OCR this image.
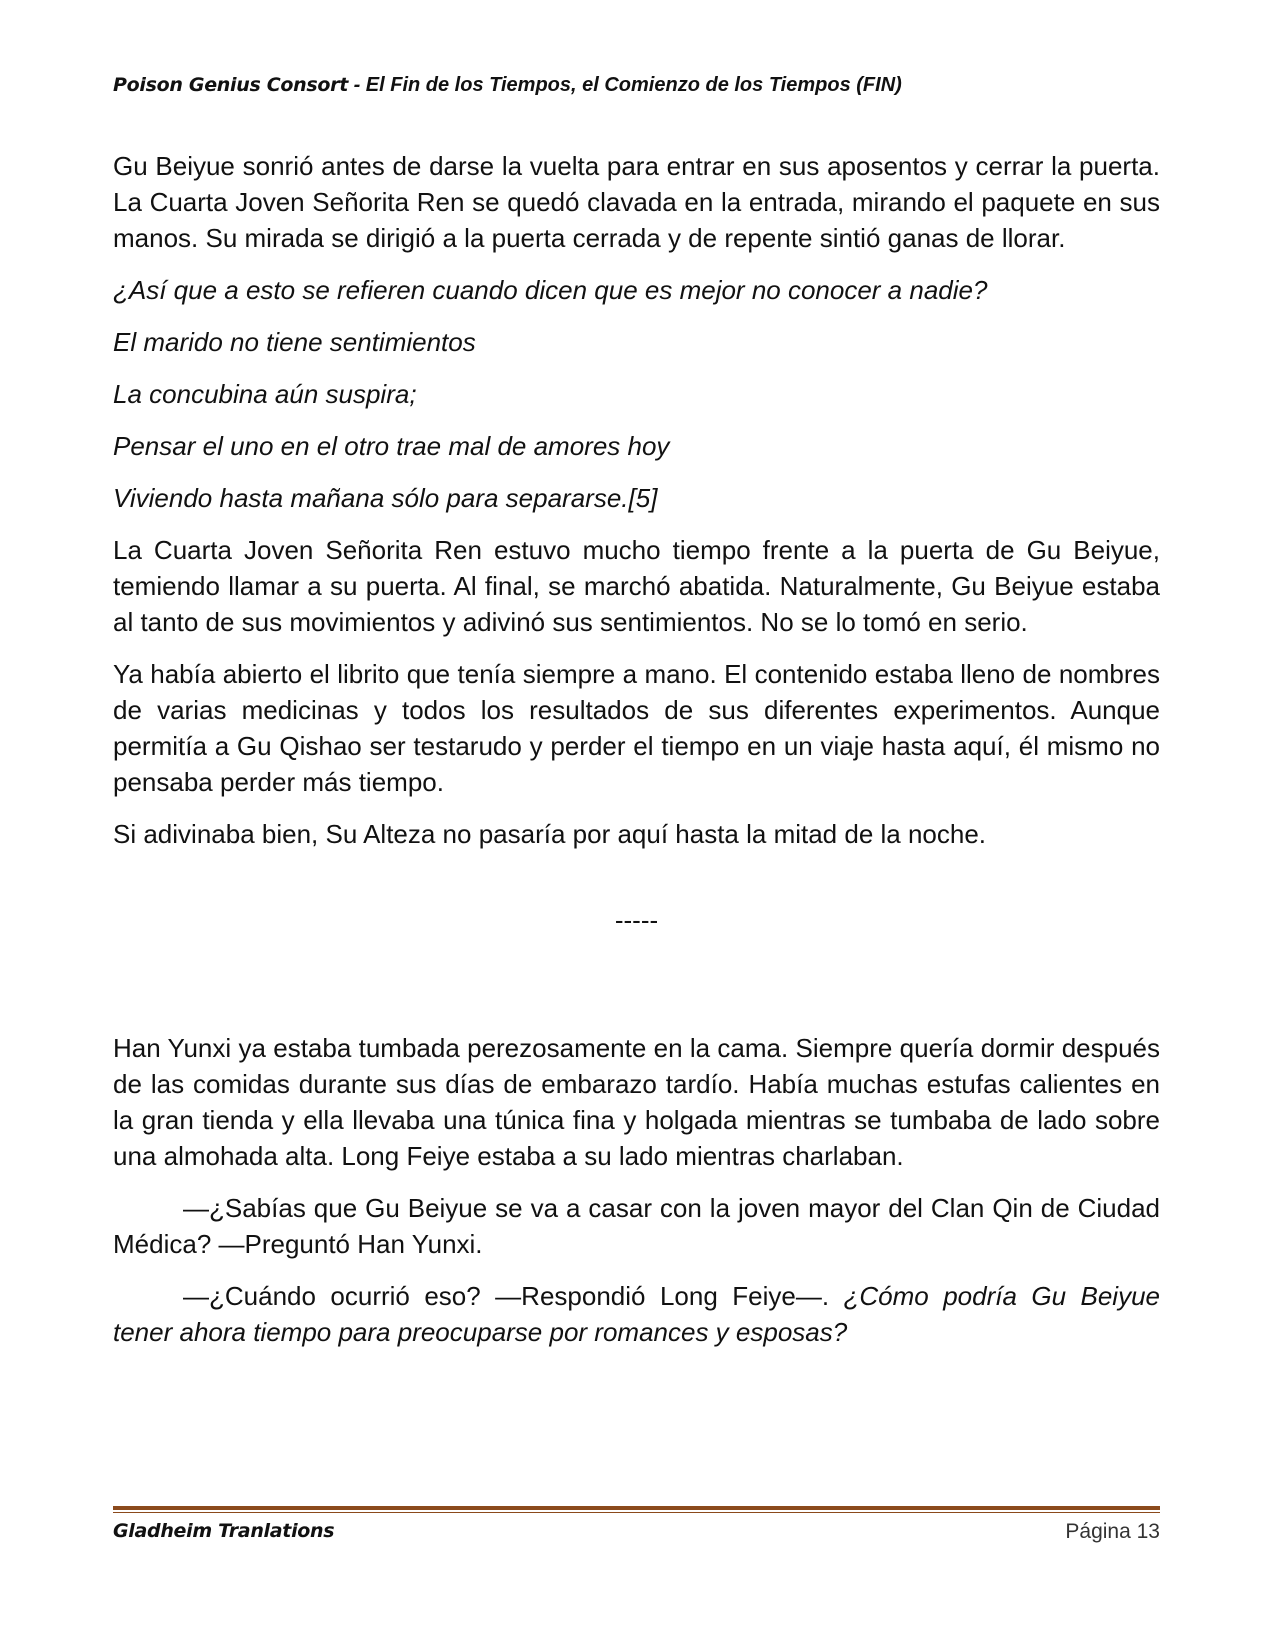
Poison Genius Consort - El Fin de los Tiempos, el Comienzo de los Tiempos (FIN)

Gu Beiyue sonrió antes de darse la vuelta para entrar en sus aposentos y cerrar la puerta. La Cuarta Joven Señorita Ren se quedó clavada en la entrada, mirando el paquete en sus manos. Su mirada se dirigió a la puerta cerrada y de repente sintió ganas de llorar.

¿Así que a esto se refieren cuando dicen que es mejor no conocer a nadie?

El marido no tiene sentimientos

La concubina aún suspira;

Pensar el uno en el otro trae mal de amores hoy

Viviendo hasta mañana sólo para separarse.[5]

La Cuarta Joven Señorita Ren estuvo mucho tiempo frente a la puerta de Gu Beiyue, temiendo llamar a su puerta. Al final, se marchó abatida. Naturalmente, Gu Beiyue estaba al tanto de sus movimientos y adivinó sus sentimientos. No se lo tomó en serio.

Ya había abierto el librito que tenía siempre a mano. El contenido estaba lleno de nombres de varias medicinas y todos los resultados de sus diferentes experimentos. Aunque permitía a Gu Qishao ser testarudo y perder el tiempo en un viaje hasta aquí, él mismo no pensaba perder más tiempo.

Si adivinaba bien, Su Alteza no pasaría por aquí hasta la mitad de la noche.

-----

Han Yunxi ya estaba tumbada perezosamente en la cama. Siempre quería dormir después de las comidas durante sus días de embarazo tardío. Había muchas estufas calientes en la gran tienda y ella llevaba una túnica fina y holgada mientras se tumbaba de lado sobre una almohada alta. Long Feiye estaba a su lado mientras charlaban.

—¿Sabías que Gu Beiyue se va a casar con la joven mayor del Clan Qin de Ciudad Médica? —Preguntó Han Yunxi.

—¿Cuándo ocurrió eso? —Respondió Long Feiye—. ¿Cómo podría Gu Beiyue tener ahora tiempo para preocuparse por romances y esposas?

Gladheim Tranlations	Página 13
